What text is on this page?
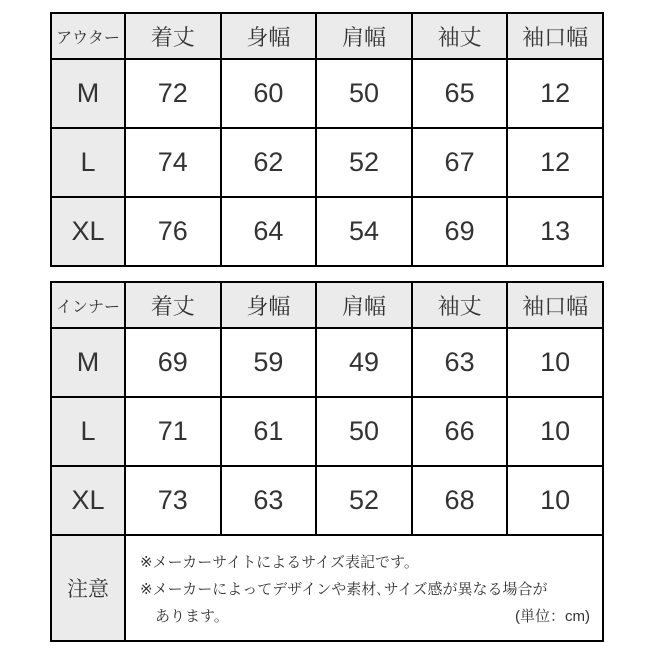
アウター	着丈	身幅	肩幅	袖丈	袖口幅
M	72	60	50	65	12
L	74	62	52	67	12
XL	76	64	54	69	13
インナー	着丈	身幅	肩幅	袖丈	袖口幅
M	69	59	49	63	10
L	71	61	50	66	10
XL	73	63	52	68	10
注意	※メーカーサイトによるサイズ表記です。
※メーカーによってデザインや素材､サイズ感が異なる場合が
あります。 (単位：cm)				
